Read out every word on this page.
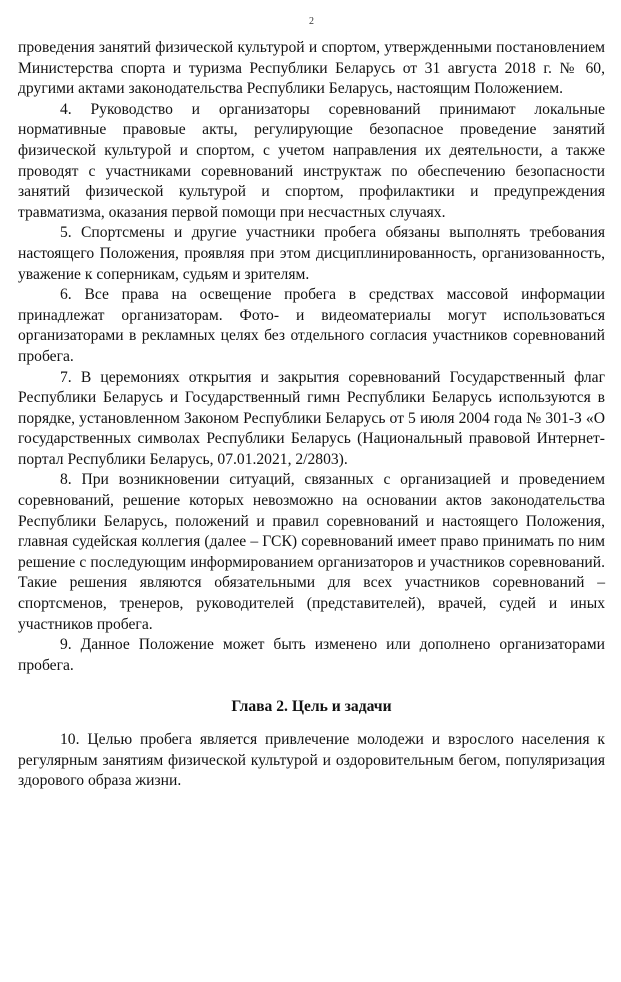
2

проведения занятий физической культурой и спортом, утвержденными постановлением Министерства спорта и туризма Республики Беларусь от 31 августа 2018 г. № 60, другими актами законодательства Республики Беларусь, настоящим Положением.

4. Руководство и организаторы соревнований принимают локальные нормативные правовые акты, регулирующие безопасное проведение занятий физической культурой и спортом, с учетом направления их деятельности, а также проводят с участниками соревнований инструктаж по обеспечению безопасности занятий физической культурой и спортом, профилактики и предупреждения травматизма, оказания первой помощи при несчастных случаях.

5. Спортсмены и другие участники пробега обязаны выполнять требования настоящего Положения, проявляя при этом дисциплинированность, организованность, уважение к соперникам, судьям и зрителям.

6. Все права на освещение пробега в средствах массовой информации принадлежат организаторам. Фото- и видеоматериалы могут использоваться организаторами в рекламных целях без отдельного согласия участников соревнований пробега.

7. В церемониях открытия и закрытия соревнований Государственный флаг Республики Беларусь и Государственный гимн Республики Беларусь используются в порядке, установленном Законом Республики Беларусь от 5 июля 2004 года № 301-З «О государственных символах Республики Беларусь (Национальный правовой Интернет-портал Республики Беларусь, 07.01.2021, 2/2803).

8. При возникновении ситуаций, связанных с организацией и проведением соревнований, решение которых невозможно на основании актов законодательства Республики Беларусь, положений и правил соревнований и настоящего Положения, главная судейская коллегия (далее – ГСК) соревнований имеет право принимать по ним решение с последующим информированием организаторов и участников соревнований. Такие решения являются обязательными для всех участников соревнований – спортсменов, тренеров, руководителей (представителей), врачей, судей и иных участников пробега.

9. Данное Положение может быть изменено или дополнено организаторами пробега.

Глава 2. Цель и задачи

10. Целью пробега является привлечение молодежи и взрослого населения к регулярным занятиям физической культурой и оздоровительным бегом, популяризация здорового образа жизни.
